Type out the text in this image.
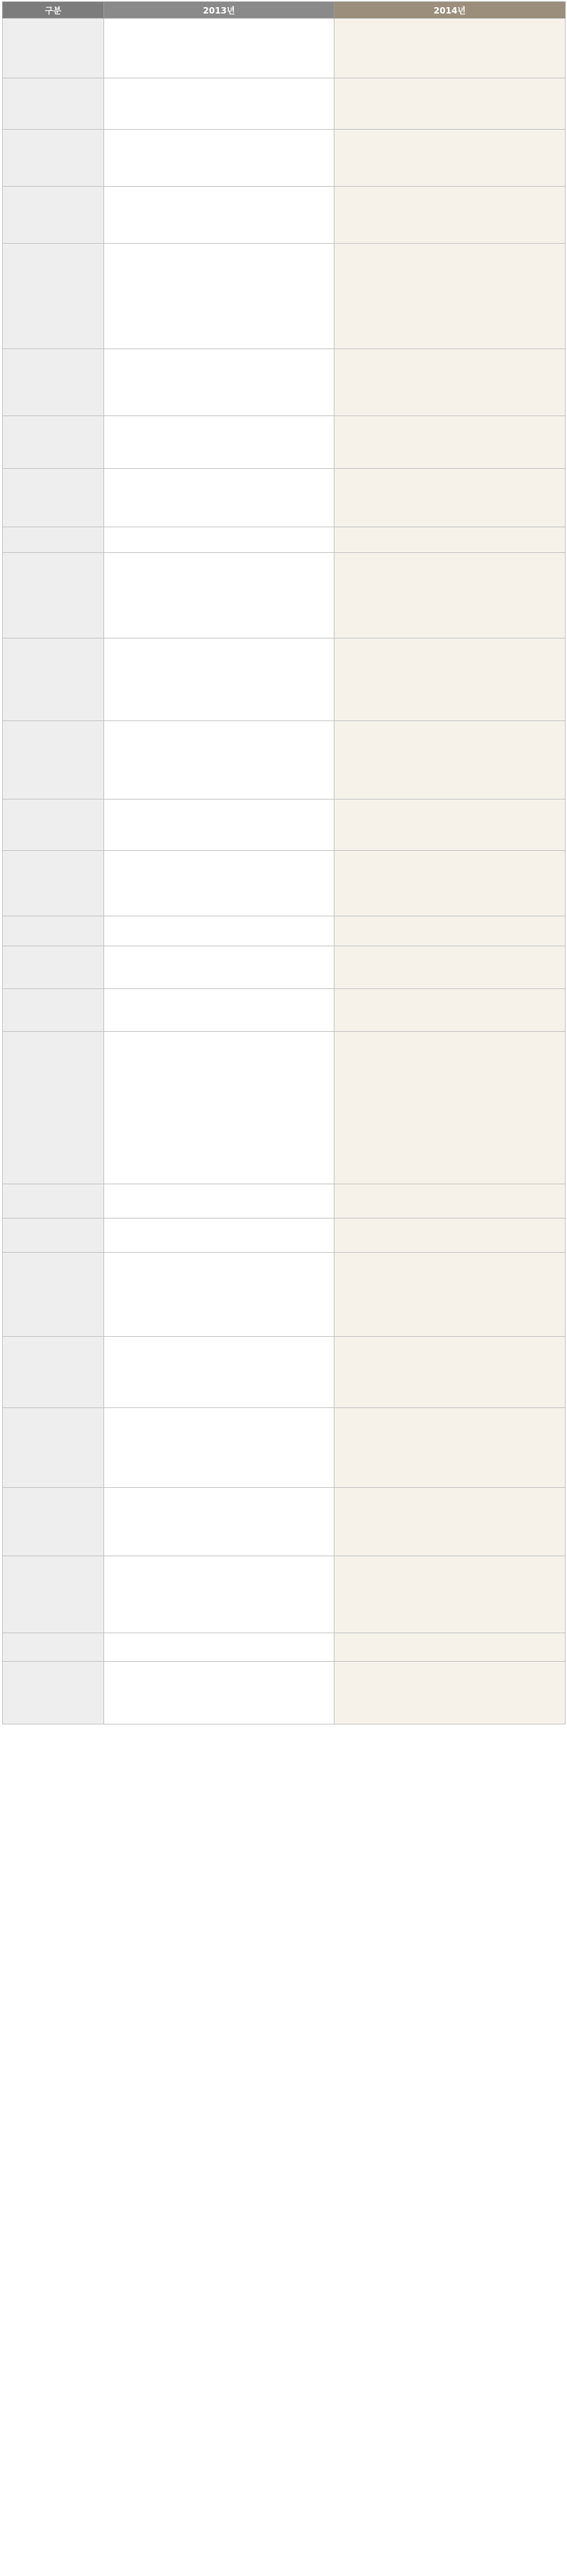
구분	2013년	2014년
